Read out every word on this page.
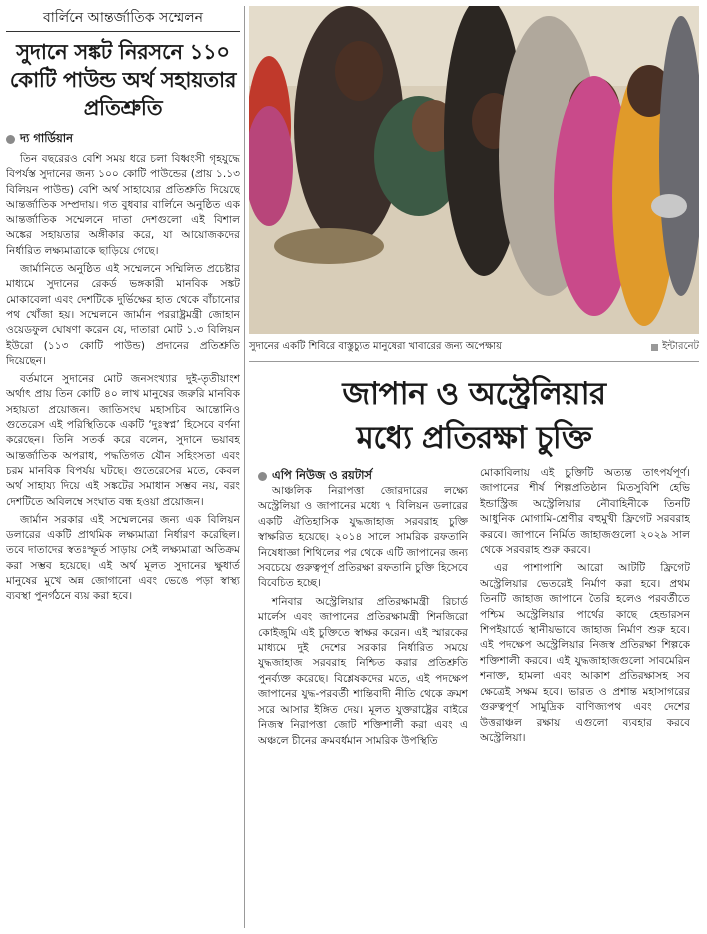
বার্লিনে আন্তর্জাতিক সম্মেলন
সুদানে সঙ্কট নিরসনে ১১০ কোটি পাউন্ড অর্থ সহায়তার প্রতিশ্রুতি
দ্য গার্ডিয়ান

তিন বছরেরও বেশি সময় ধরে চলা বিধ্বংসী গৃহযুদ্ধে বিপর্যস্ত সুদানের জন্য ১০০ কোটি পাউন্ডের (প্রায় ১.১৩ বিলিয়ন পাউন্ড) বেশি অর্থ সাহায্যের প্রতিশ্রুতি দিয়েছে আন্তর্জাতিক সম্প্রদায়। গত বুধবার বার্লিনে অনুষ্ঠিত এক আন্তর্জাতিক সম্মেলনে দাতা দেশগুলো এই বিশাল অঙ্কের সহায়তার অঙ্গীকার করে, যা আয়োজকদের নির্ধারিত লক্ষ্যমাত্রাকে ছাড়িয়ে গেছে।

জার্মানিতে অনুষ্ঠিত এই সম্মেলনে সম্মিলিত প্রচেষ্টার মাধ্যমে সুদানের রেকর্ড ভঙ্গকারী মানবিক সঙ্কট মোকাবেলা এবং দেশটিকে দুর্ভিক্ষের হাত থেকে বাঁচানোর পথ খোঁজা হয়। সম্মেলনে জার্মান পররাষ্ট্রমন্ত্রী জোহান ওয়েডফুল ঘোষণা করেন যে, দাতারা মোট ১.৩ বিলিয়ন ইউরো (১১৩ কোটি পাউন্ড) প্রদানের প্রতিশ্রুতি দিয়েছেন।

বর্তমানে সুদানের মোট জনসংখ্যার দুই-তৃতীয়াংশ অর্থাৎ প্রায় তিন কোটি ৪০ লাখ মানুষের জরুরি মানবিক সহায়তা প্রয়োজন। জাতিসংঘ মহাসচিব আন্তোনিও গুতেরেস এই পরিস্থিতিকে একটি ‘দুঃস্বপ্ন’ হিসেবে বর্ণনা করেছেন। তিনি সতর্ক করে বলেন, সুদানে ভয়াবহ আন্তর্জাতিক অপরাধ, পদ্ধতিগত যৌন সহিংসতা এবং চরম মানবিক বিপর্যয় ঘটছে। গুতেরেসের মতে, কেবল অর্থ সাহায্য দিয়ে এই সঙ্কটের সমাধান সম্ভব নয়, বরং দেশটিতে অবিলম্বে সংঘাত বন্ধ হওয়া প্রয়োজন।

জার্মান সরকার এই সম্মেলনের জন্য এক বিলিয়ন ডলারের একটি প্রাথমিক লক্ষ্যমাত্রা নির্ধারণ করেছিল। তবে দাতাদের স্বতঃস্ফূর্ত সাড়ায় সেই লক্ষ্যমাত্রা অতিক্রম করা সম্ভব হয়েছে। এই অর্থ মূলত সুদানের ক্ষুধার্ত মানুষের মুখে অন্ন জোগানো এবং ভেঙে পড়া স্বাস্থ্য ব্যবস্থা পুনর্গঠনে ব্যয় করা হবে।

সুদানের একটি শিবিরে বাস্তুচ্যুত মানুষেরা খাবারের জন্য অপেক্ষায়	ইন্টারনেট
জাপান ও অস্ট্রেলিয়ার
মধ্যে প্রতিরক্ষা চুক্তি
এপি নিউজ ও রয়টার্স

আঞ্চলিক নিরাপত্তা জোরদারের লক্ষ্যে অস্ট্রেলিয়া ও জাপানের মধ্যে ৭ বিলিয়ন ডলারের একটি ঐতিহাসিক যুদ্ধজাহাজ সরবরাহ চুক্তি স্বাক্ষরিত হয়েছে। ২০১৪ সালে সামরিক রফতানি নিষেধাজ্ঞা শিথিলের পর থেকে এটি জাপানের জন্য সবচেয়ে গুরুত্বপূর্ণ প্রতিরক্ষা রফতানি চুক্তি হিসেবে বিবেচিত হচ্ছে।

শনিবার অস্ট্রেলিয়ার প্রতিরক্ষামন্ত্রী রিচার্ড মার্লেস এবং জাপানের প্রতিরক্ষামন্ত্রী শিনজিরো কোইজুমি এই চুক্তিতে স্বাক্ষর করেন। এই স্মারকের মাধ্যমে দুই দেশের সরকার নির্ধারিত সময়ে যুদ্ধজাহাজ সরবরাহ নিশ্চিত করার প্রতিশ্রুতি পুনর্ব্যক্ত করেছে। বিশ্লেষকদের মতে, এই পদক্ষেপ জাপানের যুদ্ধ-পরবর্তী শান্তিবাদী নীতি থেকে ক্রমশ সরে আসার ইঙ্গিত দেয়। মূলত যুক্তরাষ্ট্রের বাইরে নিজস্ব নিরাপত্তা জোট শক্তিশালী করা এবং এ অঞ্চলে চীনের ক্রমবর্ধমান সামরিক উপস্থিতি

মোকাবিলায় এই চুক্তিটি অত্যন্ত তাৎপর্যপূর্ণ। জাপানের শীর্ষ শিল্পপ্রতিষ্ঠান মিতসুবিশি হেভি ইন্ডাস্ট্রিজ অস্ট্রেলিয়ার নৌবাহিনীকে তিনটি আধুনিক মোগামি-শ্রেণীর বহুমুখী ফ্রিগেট সরবরাহ করবে। জাপানে নির্মিত জাহাজগুলো ২০২৯ সাল থেকে সরবরাহ শুরু করবে।

এর পাশাপাশি আরো আটটি ফ্রিগেট অস্ট্রেলিয়ার ভেতরেই নির্মাণ করা হবে। প্রথম তিনটি জাহাজ জাপানে তৈরি হলেও পরবর্তীতে পশ্চিম অস্ট্রেলিয়ার পার্থের কাছে হেন্ডারসন শিপইয়ার্ডে স্থানীয়ভাবে জাহাজ নির্মাণ শুরু হবে। এই পদক্ষেপ অস্ট্রেলিয়ার নিজস্ব প্রতিরক্ষা শিল্পকে শক্তিশালী করবে। এই যুদ্ধজাহাজগুলো সাবমেরিন শনাক্ত, হামলা এবং আকাশ প্রতিরক্ষাসহ সব ক্ষেত্রেই সক্ষম হবে। ভারত ও প্রশান্ত মহাসাগরের গুরুত্বপূর্ণ সামুদ্রিক বাণিজ্যপথ এবং দেশের উত্তরাঞ্চল রক্ষায় এগুলো ব্যবহার করবে অস্ট্রেলিয়া।
